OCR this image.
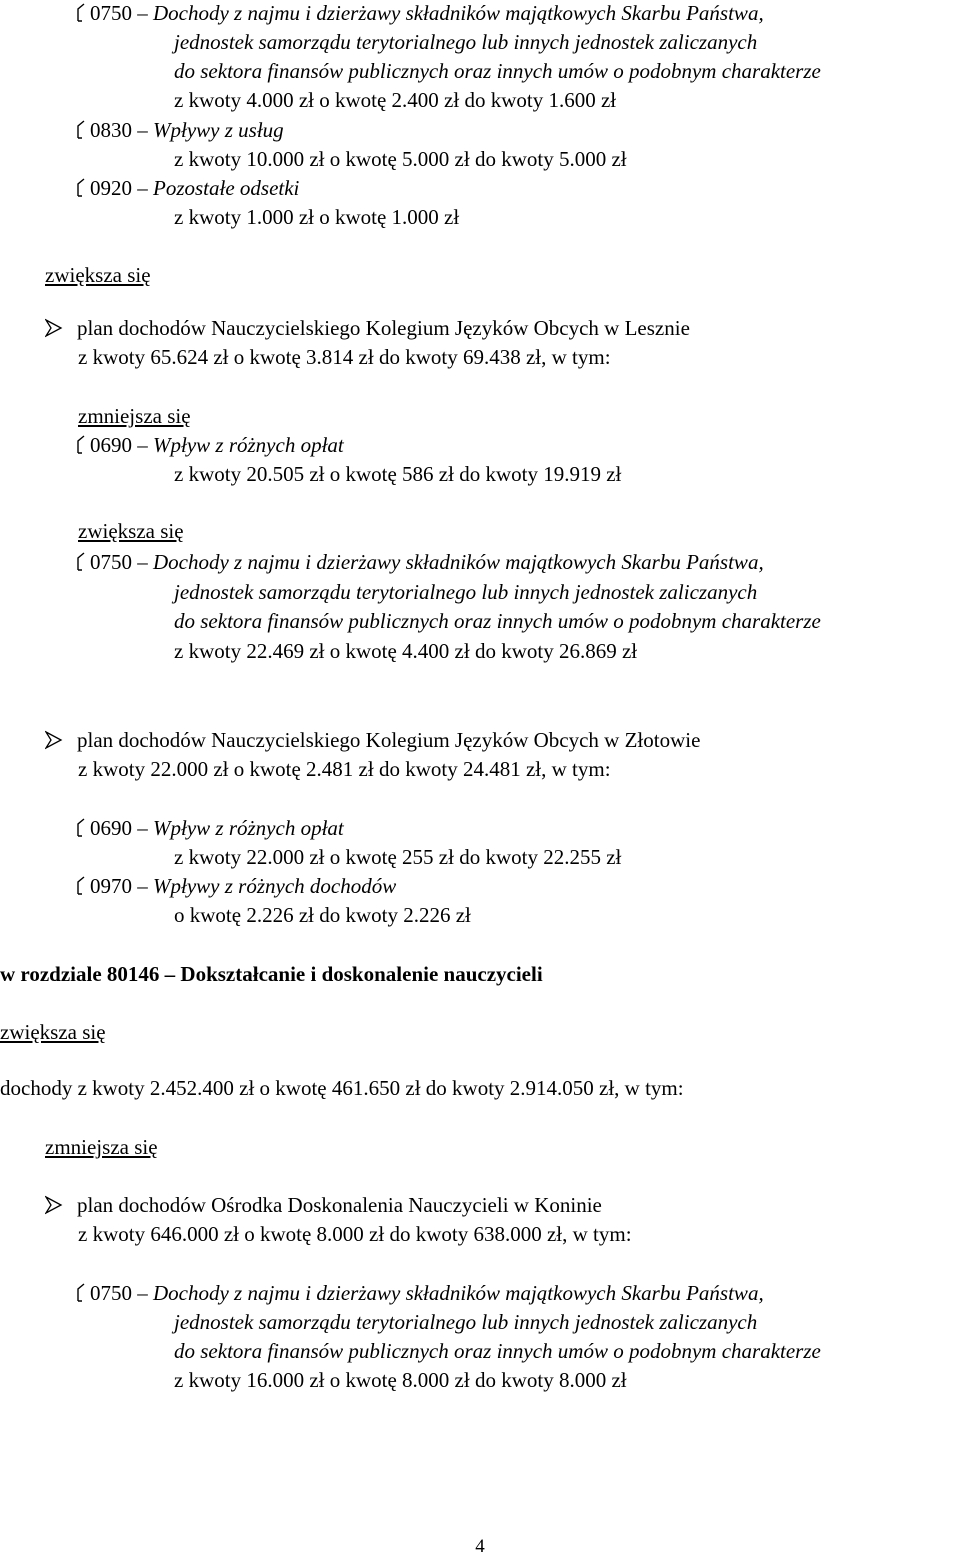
0750 – Dochody z najmu i dzierżawy składników majątkowych Skarbu Państwa,
jednostek samorządu terytorialnego lub innych jednostek zaliczanych
do sektora finansów publicznych oraz innych umów o podobnym charakterze
z kwoty 4.000 zł o kwotę 2.400 zł do kwoty 1.600 zł
0830 – Wpływy z usług
z kwoty 10.000 zł o kwotę 5.000 zł do kwoty 5.000 zł
0920 – Pozostałe odsetki
z kwoty 1.000 zł o kwotę 1.000 zł
zwiększa się
plan dochodów Nauczycielskiego Kolegium Języków Obcych w Lesznie
z kwoty 65.624 zł o kwotę 3.814 zł do kwoty 69.438 zł, w tym:
zmniejsza się
0690 – Wpływ z różnych opłat
z kwoty 20.505 zł o kwotę 586 zł do kwoty 19.919 zł
zwiększa się
0750 – Dochody z najmu i dzierżawy składników majątkowych Skarbu Państwa,
jednostek samorządu terytorialnego lub innych jednostek zaliczanych
do sektora finansów publicznych oraz innych umów o podobnym charakterze
z kwoty 22.469 zł o kwotę 4.400 zł do kwoty 26.869 zł
plan dochodów Nauczycielskiego Kolegium Języków Obcych w Złotowie
z kwoty 22.000 zł o kwotę 2.481 zł do kwoty 24.481 zł, w tym:
0690 – Wpływ z różnych opłat
z kwoty 22.000 zł o kwotę 255 zł do kwoty 22.255 zł
0970 – Wpływy z różnych dochodów
o kwotę 2.226 zł do kwoty 2.226 zł
w rozdziale 80146 – Dokształcanie i doskonalenie nauczycieli
zwiększa się
dochody z kwoty 2.452.400 zł o kwotę 461.650 zł do kwoty 2.914.050 zł, w tym:
zmniejsza się
plan dochodów Ośrodka Doskonalenia Nauczycieli w Koninie
z kwoty 646.000 zł o kwotę 8.000 zł do kwoty 638.000 zł, w tym:
0750 – Dochody z najmu i dzierżawy składników majątkowych Skarbu Państwa,
jednostek samorządu terytorialnego lub innych jednostek zaliczanych
do sektora finansów publicznych oraz innych umów o podobnym charakterze
z kwoty 16.000 zł o kwotę 8.000 zł do kwoty 8.000 zł
4
